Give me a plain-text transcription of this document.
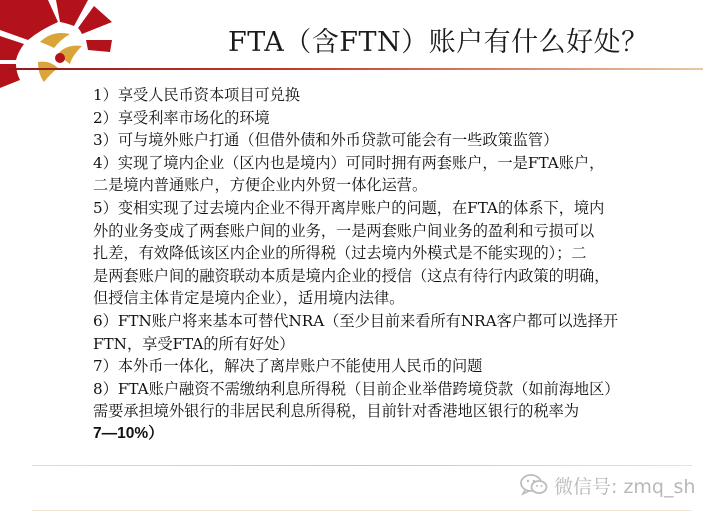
FTA（含FTN）账户有什么好处？
1）享受人民币资本项目可兑换
2）享受利率市场化的环境
3）可与境外账户打通（但借外债和外币贷款可能会有一些政策监管）
4）实现了境内企业（区内也是境内）可同时拥有两套账户，一是FTA账户，
二是境内普通账户，方便企业内外贸一体化运营。
5）变相实现了过去境内企业不得开离岸账户的问题，在FTA的体系下，境内
外的业务变成了两套账户间的业务，一是两套账户间业务的盈利和亏损可以
扎差，有效降低该区内企业的所得税（过去境内外模式是不能实现的）；二
是两套账户间的融资联动本质是境内企业的授信（这点有待行内政策的明确，
但授信主体肯定是境内企业），适用境内法律。
6）FTN账户将来基本可替代NRA（至少目前来看所有NRA客户都可以选择开
FTN，享受FTA的所有好处）
7）本外币一体化，解决了离岸账户不能使用人民币的问题
8）FTA账户融资不需缴纳利息所得税（目前企业举借跨境贷款（如前海地区）
需要承担境外银行的非居民利息所得税，目前针对香港地区银行的税率为
7—10%）
微信号: zmq_sh
